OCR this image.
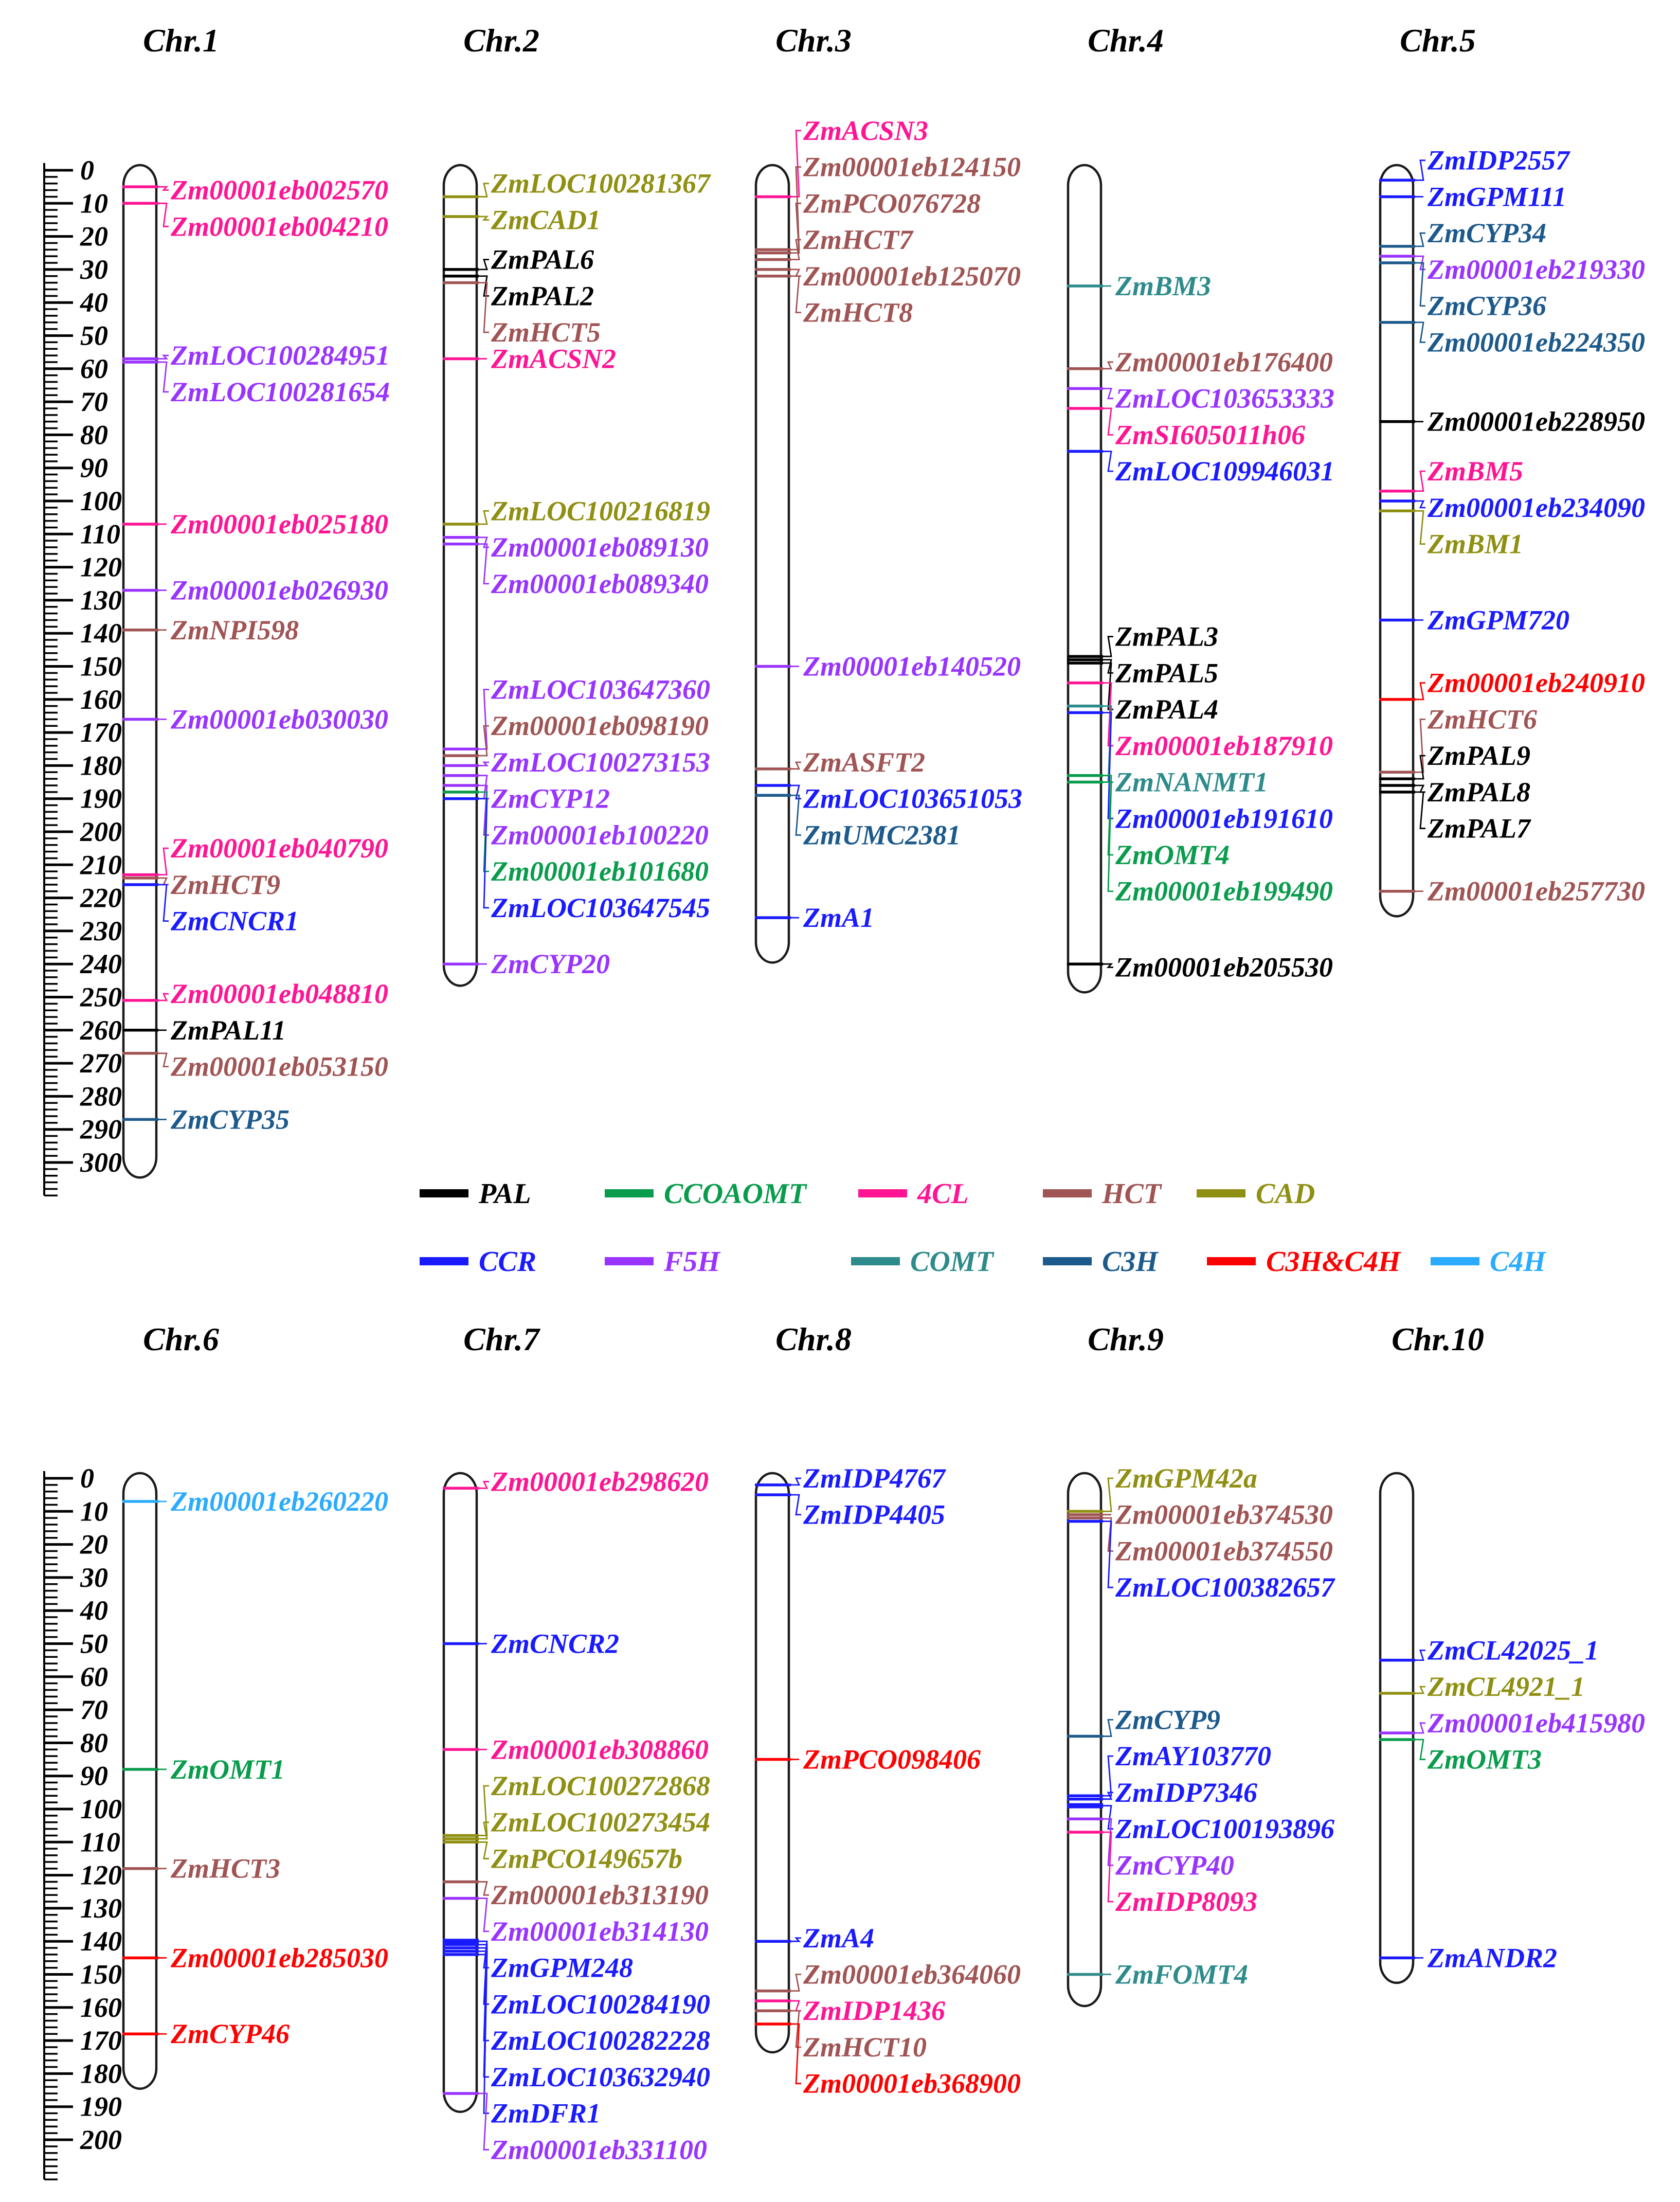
0
10
20
30
40
50
60
70
80
90
100
110
120
130
140
150
160
170
180
190
200
210
220
230
240
250
260
270
280
290
300
Chr.1
Zm00001eb002570
Zm00001eb004210
ZmLOC100284951
ZmLOC100281654
Zm00001eb025180
Zm00001eb026930
ZmNPI598
Zm00001eb030030
Zm00001eb040790
ZmHCT9
ZmCNCR1
Zm00001eb048810
ZmPAL11
Zm00001eb053150
ZmCYP35
Chr.2
ZmLOC100281367
ZmCAD1
ZmPAL6
ZmPAL2
ZmHCT5
ZmACSN2
ZmLOC100216819
Zm00001eb089130
Zm00001eb089340
ZmLOC103647360
Zm00001eb098190
ZmLOC100273153
ZmCYP12
Zm00001eb100220
Zm00001eb101680
ZmLOC103647545
ZmCYP20
Chr.3
ZmACSN3
Zm00001eb124150
ZmPCO076728
ZmHCT7
Zm00001eb125070
ZmHCT8
Zm00001eb140520
ZmASFT2
ZmLOC103651053
ZmUMC2381
ZmA1
Chr.4
ZmBM3
Zm00001eb176400
ZmLOC103653333
ZmSI605011h06
ZmLOC109946031
ZmPAL3
ZmPAL5
ZmPAL4
Zm00001eb187910
ZmNANMT1
Zm00001eb191610
ZmOMT4
Zm00001eb199490
Zm00001eb205530
Chr.5
ZmIDP2557
ZmGPM111
ZmCYP34
Zm00001eb219330
ZmCYP36
Zm00001eb224350
Zm00001eb228950
ZmBM5
Zm00001eb234090
ZmBM1
ZmGPM720
Zm00001eb240910
ZmHCT6
ZmPAL9
ZmPAL8
ZmPAL7
Zm00001eb257730
0
10
20
30
40
50
60
70
80
90
100
110
120
130
140
150
160
170
180
190
200
Chr.6
Zm00001eb260220
ZmOMT1
ZmHCT3
Zm00001eb285030
ZmCYP46
Chr.7
Zm00001eb298620
ZmCNCR2
Zm00001eb308860
ZmLOC100272868
ZmLOC100273454
ZmPCO149657b
Zm00001eb313190
Zm00001eb314130
ZmGPM248
ZmLOC100284190
ZmLOC100282228
ZmLOC103632940
ZmDFR1
Zm00001eb331100
Chr.8
ZmIDP4767
ZmIDP4405
ZmPCO098406
ZmA4
Zm00001eb364060
ZmIDP1436
ZmHCT10
Zm00001eb368900
Chr.9
ZmGPM42a
Zm00001eb374530
Zm00001eb374550
ZmLOC100382657
ZmCYP9
ZmAY103770
ZmIDP7346
ZmLOC100193896
ZmCYP40
ZmIDP8093
ZmFOMT4
Chr.10
ZmCL42025_1
ZmCL4921_1
Zm00001eb415980
ZmOMT3
ZmANDR2
PAL	CCOAOMT	4CL	HCT	CAD
CCR	F5H	COMT	C3H	C3H&C4H	C4H
